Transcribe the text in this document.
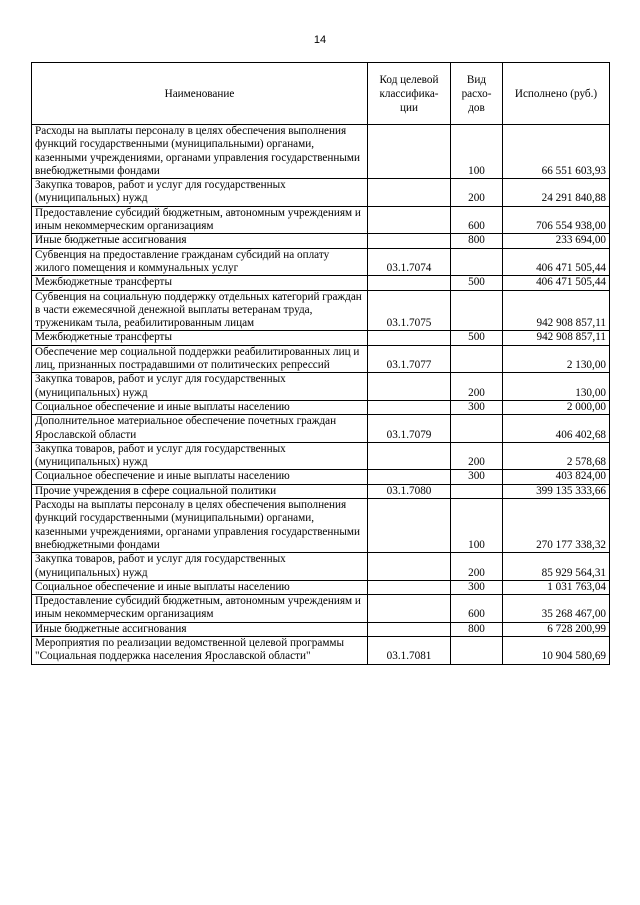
14
Наименование	Код целевой классифика-ции	Вид расхо-дов	Исполнено (руб.)
Расходы на выплаты персоналу в целях обеспечения выполнения функций государственными (муниципальными) органами, казенными учреждениями, органами управления государственными внебюджетными фондами		100	66 551 603,93
Закупка товаров, работ и услуг для государственных (муниципальных) нужд		200	24 291 840,88
Предоставление субсидий бюджетным, автономным учреждениям и иным некоммерческим организациям		600	706 554 938,00
Иные бюджетные ассигнования		800	233 694,00
Субвенция на предоставление гражданам субсидий на оплату жилого помещения и коммунальных услуг	03.1.7074		406 471 505,44
Межбюджетные трансферты		500	406 471 505,44
Субвенция на социальную поддержку отдельных категорий граждан в части ежемесячной денежной выплаты ветеранам труда, труженикам тыла, реабилитированным лицам	03.1.7075		942 908 857,11
Межбюджетные трансферты		500	942 908 857,11
Обеспечение мер социальной поддержки реабилитированных лиц и лиц, признанных пострадавшими от политических репрессий	03.1.7077		2 130,00
Закупка товаров, работ и услуг для государственных (муниципальных) нужд		200	130,00
Социальное обеспечение и иные выплаты населению		300	2 000,00
Дополнительное материальное обеспечение почетных граждан Ярославской области	03.1.7079		406 402,68
Закупка товаров, работ и услуг для государственных (муниципальных) нужд		200	2 578,68
Социальное обеспечение и иные выплаты населению		300	403 824,00
Прочие учреждения в сфере социальной политики	03.1.7080		399 135 333,66
Расходы на выплаты персоналу в целях обеспечения выполнения функций государственными (муниципальными) органами, казенными учреждениями, органами управления государственными внебюджетными фондами		100	270 177 338,32
Закупка товаров, работ и услуг для государственных (муниципальных) нужд		200	85 929 564,31
Социальное обеспечение и иные выплаты населению		300	1 031 763,04
Предоставление субсидий бюджетным, автономным учреждениям и иным некоммерческим организациям		600	35 268 467,00
Иные бюджетные ассигнования		800	6 728 200,99
Мероприятия по реализации ведомственной целевой программы "Социальная поддержка населения Ярославской области"	03.1.7081		10 904 580,69
